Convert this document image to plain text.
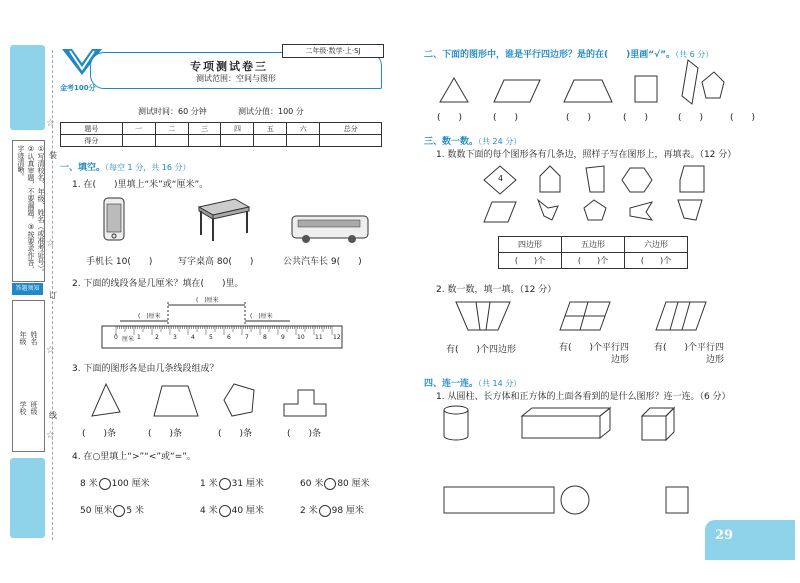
①写清校名、年级、姓名（或准考证号）。②认真审题，不要漏题。③按要求作答，字迹清晰。
答题须知
学校 班级
年级 姓名
装
订
线
☆
☆
☆
☆
金考100分
二年级·数学·上·SJ
专项测试卷三
测试范围：空间与图形
测试时间：60 分钟	测试分值：100 分
题号	一	二	三	四	五	六	总分
得分							
一、填空。（每空 1 分，共 16 分）
1. 在(　　)里填上“米”或“厘米”。
手机长 10(　　)	写字桌高 80(　　)	公共汽车长 9(　　)
2. 下面的线段各是几厘米？填在(　　)里。
(　)厘米
(　)厘米	(　)厘米
0 厘米 1 2 3 4 5 6 7 8 9 10 11 12
3. 下面的图形各是由几条线段组成？
(　　)条	(　　)条	(　　)条	(　　)条
4. 在○里填上“>”“<”或“=”。
8 米 100 厘米	1 米 31 厘米	60 米 80 厘米
50 厘米 5 米	4 米 40 厘米	2 米 98 厘米
二、下面的图形中，谁是平行四边形？是的在(　　)里画“√”。（共 6 分）
(　　)	(　　)	(　　)	(　　)	(　　)	(　　)
三、数一数。（共 24 分）
1. 数数下面的每个图形各有几条边，照样子写在图形上，再填表。（12 分）
4
四边形	五边形	六边形
(　　)个	(　　)个	(　　)个
2. 数一数，填一填。（12 分）
有(　　)个四边形	有(　　)个平行四边形
有(　　)个平行四边形
四、连一连。（共 14 分）
1. 从圆柱、长方体和正方体的上面各看到的是什么图形？连一连。（6 分）
29
